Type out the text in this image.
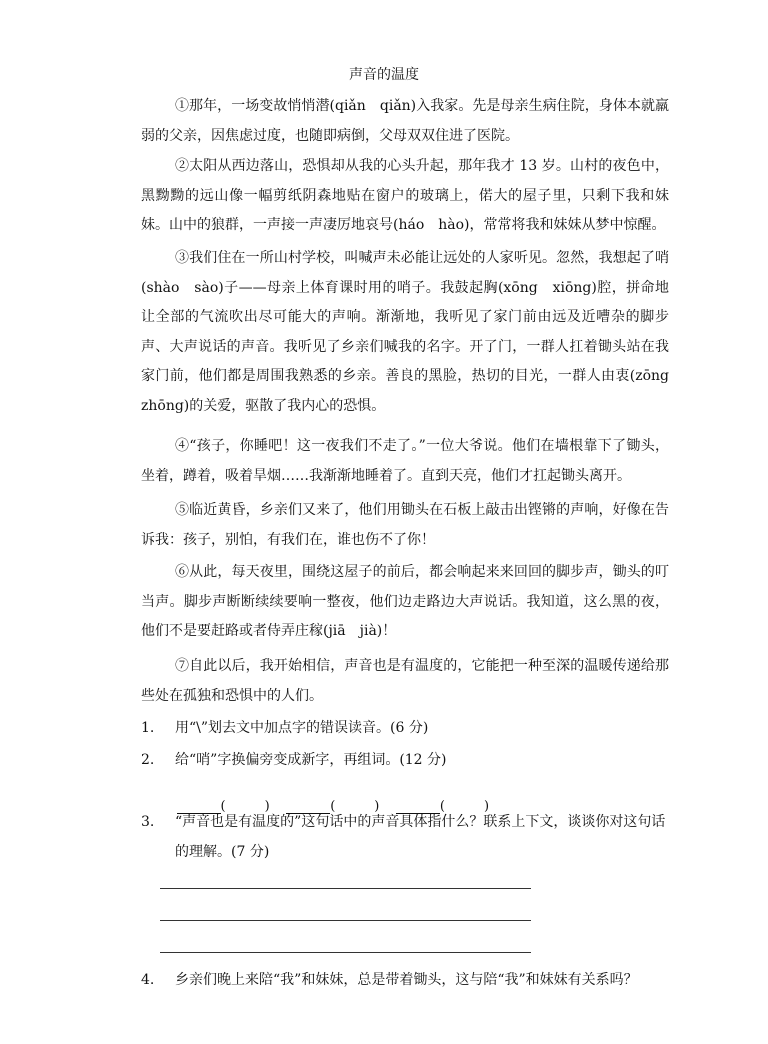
声音的温度
①那年，一场变故悄悄潜(qiǎn　qiǎn)入我家。先是母亲生病住院，身体本就羸弱的父亲，因焦虑过度，也随即病倒，父母双双住进了医院。
②太阳从西边落山，恐惧却从我的心头升起，那年我才 13 岁。山村的夜色中，黑黝黝的远山像一幅剪纸阴森地贴在窗户的玻璃上，偌大的屋子里，只剩下我和妹妹。山中的狼群，一声接一声凄厉地哀号(háo　hào)，常常将我和妹妹从梦中惊醒。
③我们住在一所山村学校，叫喊声未必能让远处的人家听见。忽然，我想起了哨(shào　sào)子——母亲上体育课时用的哨子。我鼓起胸(xōng　xiōng)腔，拼命地让全部的气流吹出尽可能大的声响。渐渐地，我听见了家门前由远及近嘈杂的脚步声、大声说话的声音。我听见了乡亲们喊我的名字。开了门，一群人扛着锄头站在我家门前，他们都是周围我熟悉的乡亲。善良的黑脸，热切的目光，一群人由衷(zōng　zhōng)的关爱，驱散了我内心的恐惧。
④“孩子，你睡吧！这一夜我们不走了。”一位大爷说。他们在墙根靠下了锄头，坐着，蹲着，吸着旱烟……我渐渐地睡着了。直到天亮，他们才扛起锄头离开。
⑤临近黄昏，乡亲们又来了，他们用锄头在石板上敲击出铿锵的声响，好像在告诉我：孩子，别怕，有我们在，谁也伤不了你！
⑥从此，每天夜里，围绕这屋子的前后，都会响起来来回回的脚步声，锄头的叮当声。脚步声断断续续要响一整夜，他们边走路边大声说话。我知道，这么黑的夜，他们不是要赶路或者侍弄庄稼(jiā　jià)！
⑦自此以后，我开始相信，声音也是有温度的，它能把一种至深的温暖传递给那些处在孤独和恐惧中的人们。
1.	用“\”划去文中加点字的错误读音。(6 分)
2.	给“哨”字换偏旁变成新字，再组词。(12 分)

(　　　)	(　　　)	(　　　)

3.	“声音也是有温度的”这句话中的声音具体指什么？联系上下文，谈谈你对这句话的理解。(7 分)
4.	乡亲们晚上来陪“我”和妹妹，总是带着锄头，这与陪“我”和妹妹有关系吗？
